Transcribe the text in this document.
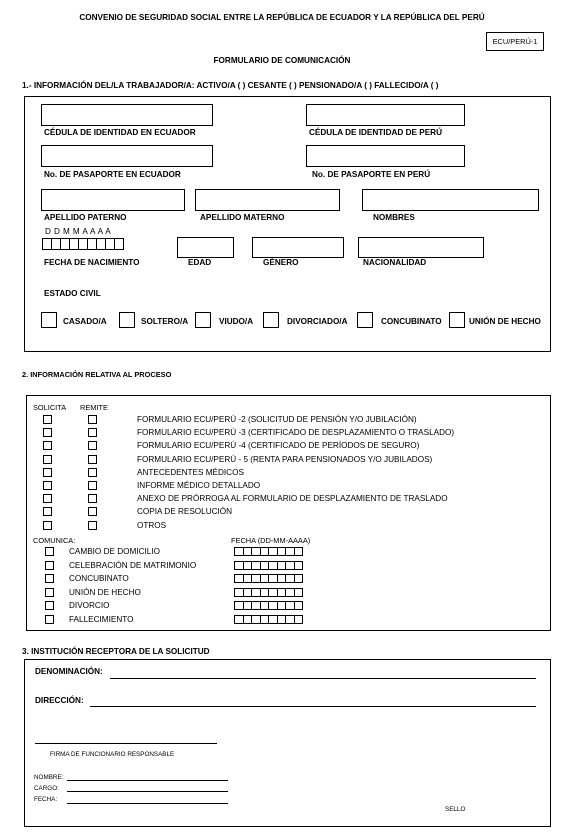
CONVENIO DE SEGURIDAD SOCIAL ENTRE LA REPÚBLICA DE ECUADOR Y LA REPÚBLICA DEL PERÚ
ECU/PERÚ-1
FORMULARIO DE COMUNICACIÓN
1.- INFORMACIÓN DEL/LA TRABAJADOR/A: ACTIVO/A ( ) CESANTE ( ) PENSIONADO/A ( ) FALLECIDO/A ( )
CÉDULA DE IDENTIDAD EN ECUADOR	CÉDULA DE IDENTIDAD DE PERÚ
No. DE PASAPORTE EN ECUADOR	No. DE PASAPORTE EN PERÚ
APELLIDO PATERNO	APELLIDO MATERNO	NOMBRES
D D M M A A A A
FECHA DE NACIMIENTO	EDAD	GÉNERO	NACIONALIDAD
ESTADO CIVIL
CASADO/A	SOLTERO/A	VIUDO/A	DIVORCIADO/A	CONCUBINATO	UNIÓN DE HECHO
2. INFORMACIÓN RELATIVA AL PROCESO
SOLICITA REMITE
FORMULARIO ECU/PERÚ -2 (SOLICITUD DE PENSIÓN Y/O JUBILACIÓN)
FORMULARIO ECU/PERÚ -3 (CERTIFICADO DE DESPLAZAMIENTO O TRASLADO)
FORMULARIO ECU/PERÚ -4 (CERTIFICADO DE PERÍODOS DE SEGURO)
FORMULARIO ECU/PERÚ - 5 (RENTA PARA PENSIONADOS Y/O JUBILADOS)
ANTECEDENTES MÉDICOS
INFORME MÉDICO DETALLADO
ANEXO DE PRÓRROGA AL FORMULARIO DE DESPLAZAMIENTO DE TRASLADO
COPIA DE RESOLUCIÓN
OTROS
COMUNICA:	FECHA (DD-MM-AAAA)
CAMBIO DE DOMICILIO
CELEBRACIÓN DE MATRIMONIO
CONCUBINATO
UNIÓN DE HECHO
DIVORCIO
FALLECIMIENTO
3. INSTITUCIÓN RECEPTORA DE LA SOLICITUD
DENOMINACIÓN:
DIRECCIÓN:
FIRMA DE FUNCIONARIO RESPONSABLE
NOMBRE:
CARGO:
FECHA:
SELLO
